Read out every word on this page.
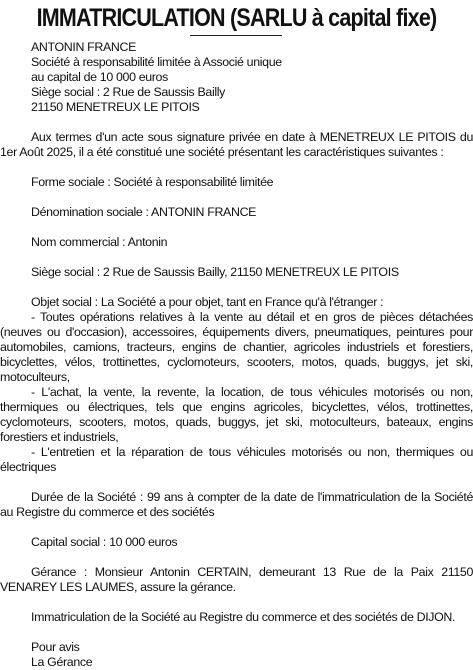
IMMATRICULATION (SARLU à capital fixe)
ANTONIN FRANCE
Société à responsabilité limitée à Associé unique
au capital de 10 000 euros
Siège social : 2 Rue de Saussis Bailly
21150 MENETREUX LE PITOIS

Aux termes d'un acte sous signature privée en date à MENETREUX LE PITOIS du 1er Août 2025, il a été constitué une société présentant les caractéristiques suivantes :

Forme sociale : Société à responsabilité limitée

Dénomination sociale : ANTONIN FRANCE

Nom commercial : Antonin

Siège social : 2 Rue de Saussis Bailly, 21150 MENETREUX LE PITOIS

Objet social : La Société a pour objet, tant en France qu'à l'étranger :

- Toutes opérations relatives à la vente au détail et en gros de pièces détachées (neuves ou d'occasion), accessoires, équipements divers, pneumatiques, peintures pour automobiles, camions, tracteurs, engins de chantier, agricoles industriels et forestiers, bicyclettes, vélos, trottinettes, cyclomoteurs, scooters, motos, quads, buggys, jet ski, motoculteurs,

- L'achat, la vente, la revente, la location, de tous véhicules motorisés ou non, thermiques ou électriques, tels que engins agricoles, bicyclettes, vélos, trottinettes, cyclomoteurs, scooters, motos, quads, buggys, jet ski, motoculteurs, bateaux, engins forestiers et industriels,

- L'entretien et la réparation de tous véhicules motorisés ou non, thermiques ou électriques

Durée de la Société : 99 ans à compter de la date de l'immatriculation de la Société au Registre du commerce et des sociétés

Capital social : 10 000 euros

Gérance : Monsieur Antonin CERTAIN, demeurant 13 Rue de la Paix 21150 VENAREY LES LAUMES, assure la gérance.

Immatriculation de la Société au Registre du commerce et des sociétés de DIJON.

Pour avis
La Gérance
